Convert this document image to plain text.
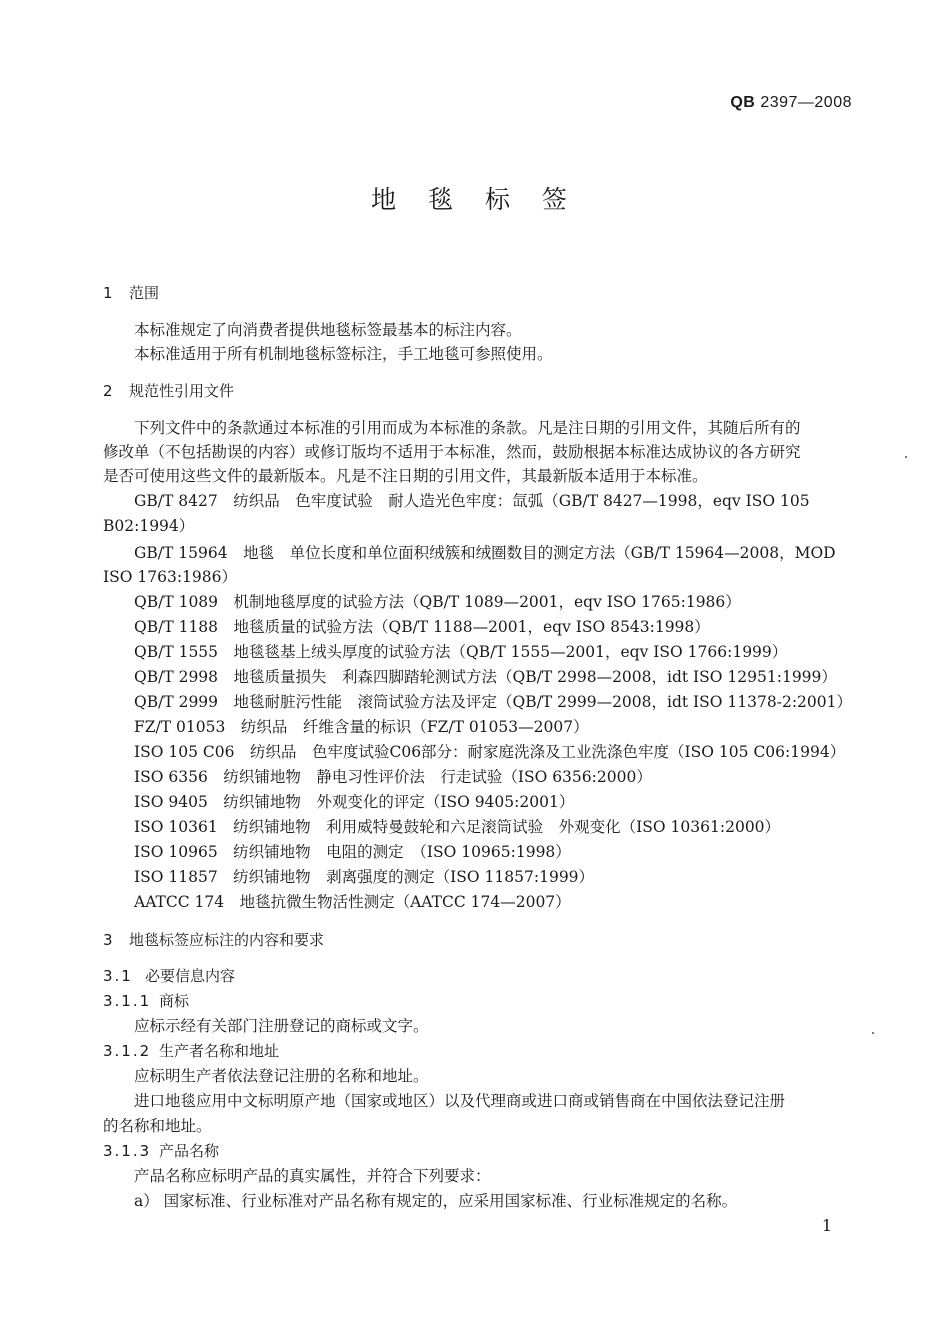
QB 2397—2008
地 毯 标 签
1 范围
本标准规定了向消费者提供地毯标签最基本的标注内容。
本标准适用于所有机制地毯标签标注，手工地毯可参照使用。
2 规范性引用文件
下列文件中的条款通过本标准的引用而成为本标准的条款。凡是注日期的引用文件，其随后所有的
修改单（不包括勘误的内容）或修订版均不适用于本标准，然而，鼓励根据本标准达成协议的各方研究
是否可使用这些文件的最新版本。凡是不注日期的引用文件，其最新版本适用于本标准。
GB/T 8427　纺织品　色牢度试验　耐人造光色牢度：氙弧（GB/T 8427—1998，eqv ISO 105
B02:1994）
GB/T 15964　地毯　单位长度和单位面积绒簇和绒圈数目的测定方法（GB/T 15964—2008，MOD
ISO 1763:1986）
QB/T 1089　机制地毯厚度的试验方法（QB/T 1089—2001，eqv ISO 1765:1986）
QB/T 1188　地毯质量的试验方法（QB/T 1188—2001，eqv ISO 8543:1998）
QB/T 1555　地毯毯基上绒头厚度的试验方法（QB/T 1555—2001，eqv ISO 1766:1999）
QB/T 2998　地毯质量损失　利森四脚踏轮测试方法（QB/T 2998—2008，idt ISO 12951:1999）
QB/T 2999　地毯耐脏污性能　滚筒试验方法及评定（QB/T 2999—2008，idt ISO 11378-2:2001）
FZ/T 01053　纺织品　纤维含量的标识（FZ/T 01053—2007）
ISO 105 C06　纺织品　色牢度试验C06部分：耐家庭洗涤及工业洗涤色牢度（ISO 105 C06:1994）
ISO 6356　纺织铺地物　静电习性评价法　行走试验（ISO 6356:2000）
ISO 9405　纺织铺地物　外观变化的评定（ISO 9405:2001）
ISO 10361　纺织铺地物　利用威特曼鼓轮和六足滚筒试验　外观变化（ISO 10361:2000）
ISO 10965　纺织铺地物　电阻的测定　（ISO 10965:1998）
ISO 11857　纺织铺地物　剥离强度的测定（ISO 11857:1999）
AATCC 174　地毯抗微生物活性测定（AATCC 174—2007）
3 地毯标签应标注的内容和要求
3.1 必要信息内容
3.1.1 商标
应标示经有关部门注册登记的商标或文字。
3.1.2 生产者名称和地址
应标明生产者依法登记注册的名称和地址。
进口地毯应用中文标明原产地（国家或地区）以及代理商或进口商或销售商在中国依法登记注册
的名称和地址。
3.1.3 产品名称
产品名称应标明产品的真实属性，并符合下列要求：
a） 国家标准、行业标准对产品名称有规定的，应采用国家标准、行业标准规定的名称。
1
